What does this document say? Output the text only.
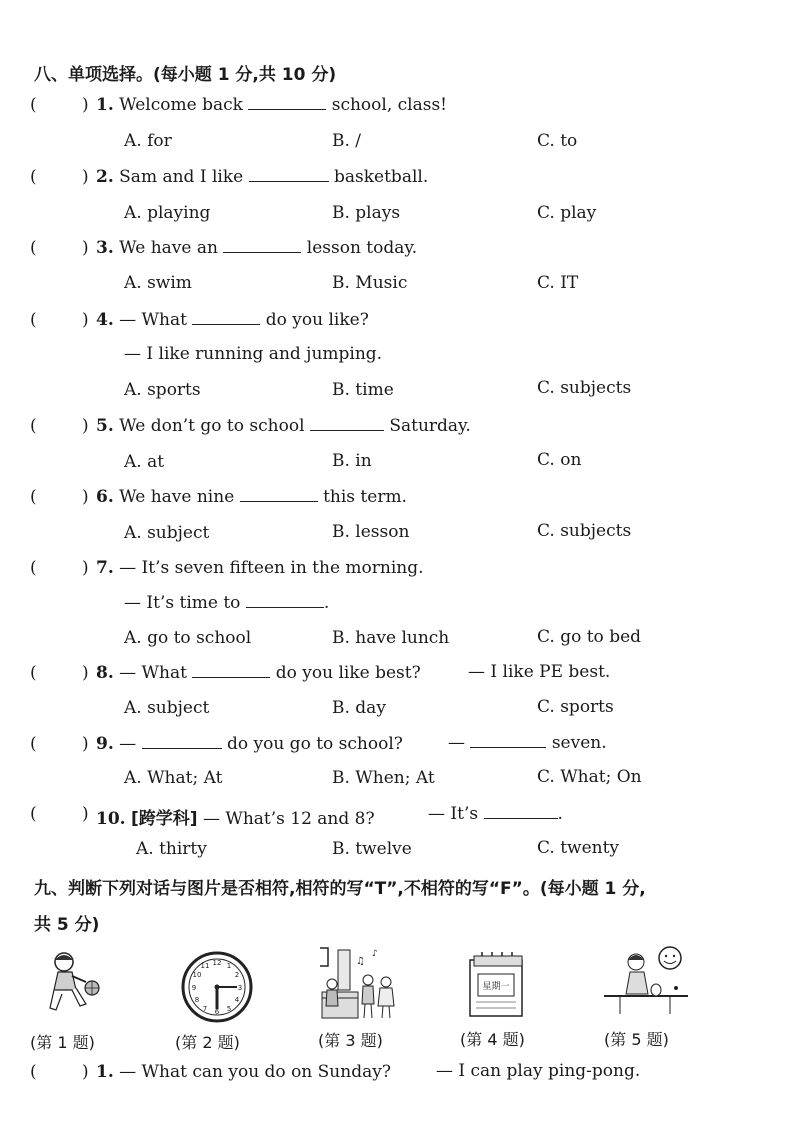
八、单项选择。(每小题 1 分,共 10 分)
(	) 1. Welcome back	school, class!
A. for	B. /	C. to
(	) 2. Sam and I like	basketball.
A. playing	B. plays	C. play
(	) 3. We have an	lesson today.
A. swim	B. Music	C. IT
(	) 4. — What	do you like?
— I like running and jumping.
A. sports	B. time	C. subjects
(	) 5. We don’t go to school	Saturday.
A. at	B. in	C. on
(	) 6. We have nine	this term.
A. subject	B. lesson	C. subjects
(	) 7. — It’s seven fifteen in the morning.
— It’s time to	.
A. go to school	B. have lunch	C. go to bed
(	) 8. — What	do you like best?	— I like PE best.
A. subject	B. day	C. sports
(	) 9. —	do you go to school?	—	seven.
A. What; At	B. When; At	C. What; On
(	) 10. [跨学科] — What’s 12 and 8?	— It’s	.
A. thirty	B. twelve	C. twenty
九、判断下列对话与图片是否相符,相符的写“T”,不相符的写“F”。(每小题 1 分,
共 5 分)
12 1
2
3
4
5
6
7
8
9
10
11	♫
♪
星期一
(第 1 题)	(第 2 题)	(第 3 题)	(第 4 题)	(第 5 题)
(	) 1. — What can you do on Sunday?	— I can play ping-pong.
